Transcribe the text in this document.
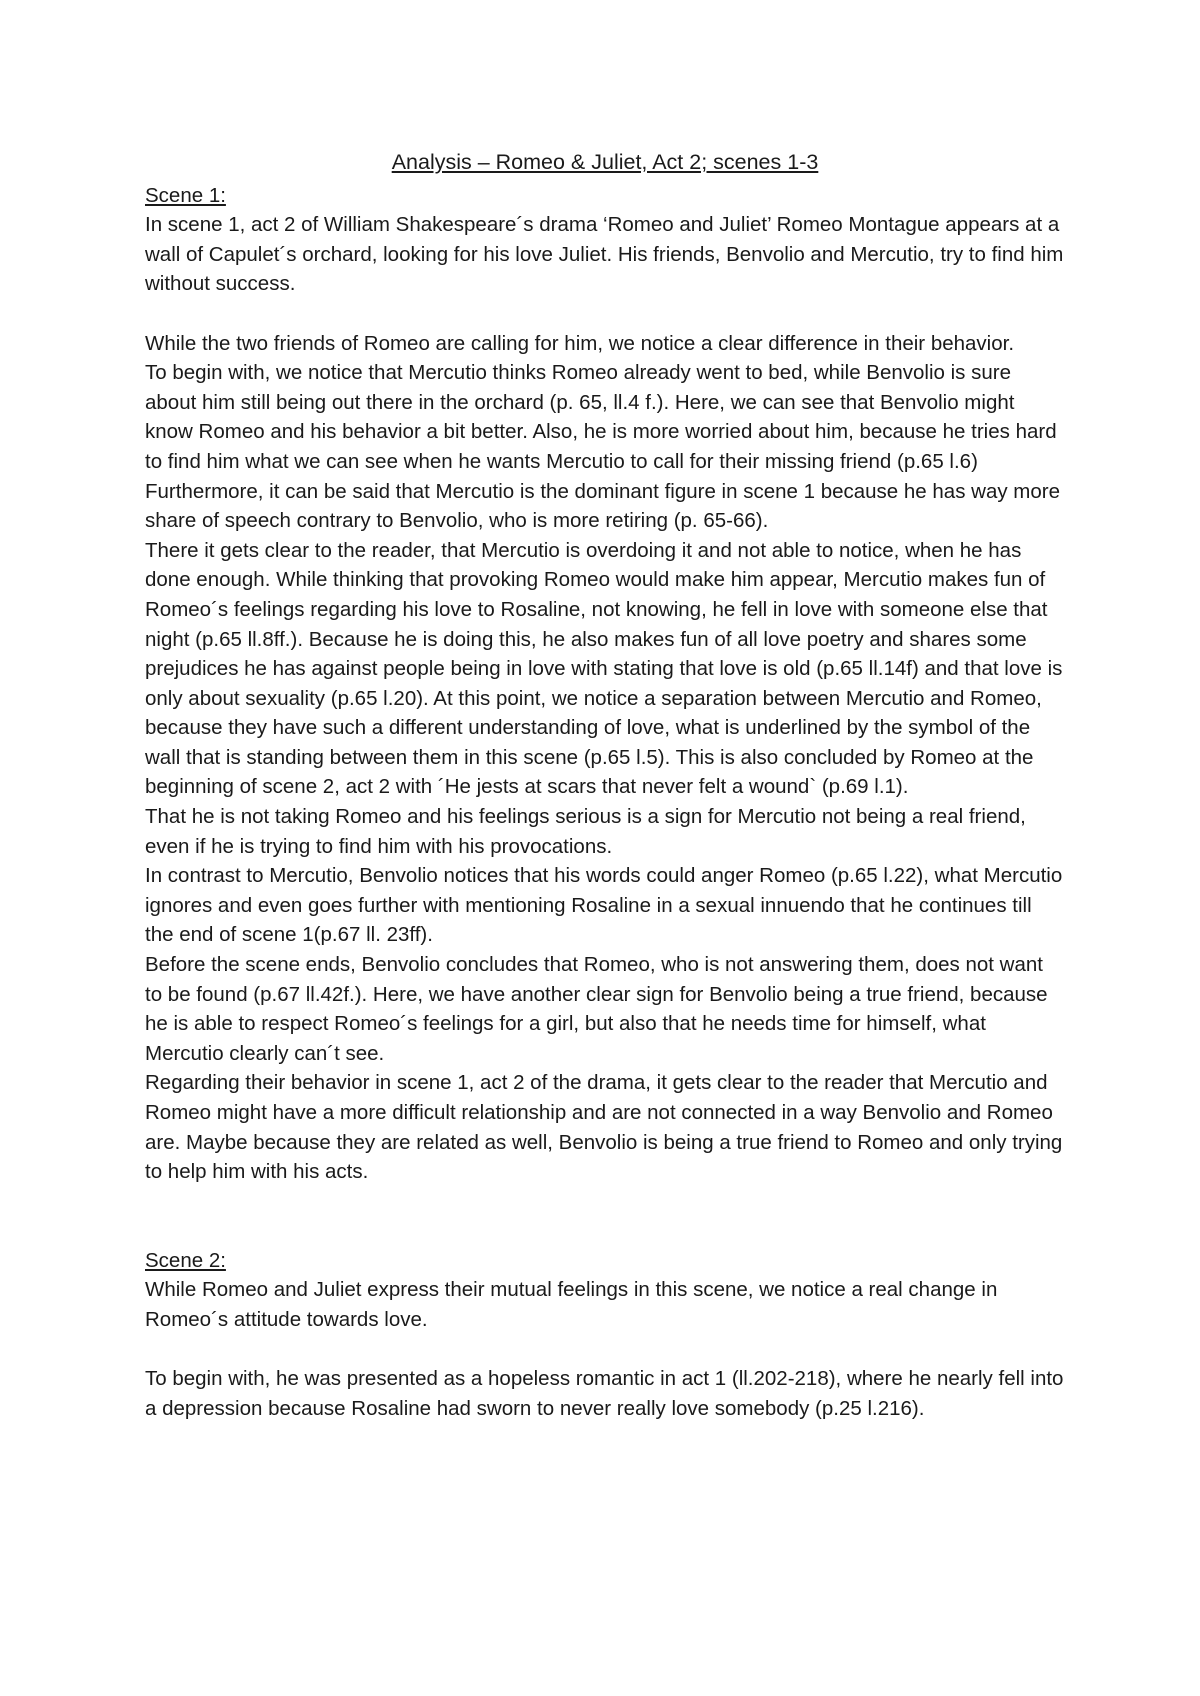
Analysis – Romeo & Juliet, Act 2; scenes 1-3

Scene 1:

In scene 1, act 2 of William Shakespeare´s drama ‘Romeo and Juliet’ Romeo Montague appears at a wall of Capulet´s orchard, looking for his love Juliet. His friends, Benvolio and Mercutio, try to find him without success.

While the two friends of Romeo are calling for him, we notice a clear difference in their behavior.

To begin with, we notice that Mercutio thinks Romeo already went to bed, while Benvolio is sure about him still being out there in the orchard (p. 65, ll.4 f.). Here, we can see that Benvolio might know Romeo and his behavior a bit better. Also, he is more worried about him, because he tries hard to find him what we can see when he wants Mercutio to call for their missing friend (p.65 l.6)

Furthermore, it can be said that Mercutio is the dominant figure in scene 1 because he has way more share of speech contrary to Benvolio, who is more retiring (p. 65-66).

There it gets clear to the reader, that Mercutio is overdoing it and not able to notice, when he has done enough. While thinking that provoking Romeo would make him appear, Mercutio makes fun of Romeo´s feelings regarding his love to Rosaline, not knowing, he fell in love with someone else that night (p.65 ll.8ff.). Because he is doing this, he also makes fun of all love poetry and shares some prejudices he has against people being in love with stating that love is old (p.65 ll.14f) and that love is only about sexuality (p.65 l.20). At this point, we notice a separation between Mercutio and Romeo, because they have such a different understanding of love, what is underlined by the symbol of the wall that is standing between them in this scene (p.65 l.5). This is also concluded by Romeo at the beginning of scene 2, act 2 with ´He jests at scars that never felt a wound` (p.69 l.1).

That he is not taking Romeo and his feelings serious is a sign for Mercutio not being a real friend, even if he is trying to find him with his provocations.

In contrast to Mercutio, Benvolio notices that his words could anger Romeo (p.65 l.22), what Mercutio ignores and even goes further with mentioning Rosaline in a sexual innuendo that he continues till the end of scene 1(p.67 ll. 23ff).

Before the scene ends, Benvolio concludes that Romeo, who is not answering them, does not want to be found (p.67 ll.42f.). Here, we have another clear sign for Benvolio being a true friend, because he is able to respect Romeo´s feelings for a girl, but also that he needs time for himself, what Mercutio clearly can´t see.

Regarding their behavior in scene 1, act 2 of the drama, it gets clear to the reader that Mercutio and Romeo might have a more difficult relationship and are not connected in a way Benvolio and Romeo are. Maybe because they are related as well, Benvolio is being a true friend to Romeo and only trying to help him with his acts.

Scene 2:

While Romeo and Juliet express their mutual feelings in this scene, we notice a real change in Romeo´s attitude towards love.

To begin with, he was presented as a hopeless romantic in act 1 (ll.202-218), where he nearly fell into a depression because Rosaline had sworn to never really love somebody (p.25 l.216).
